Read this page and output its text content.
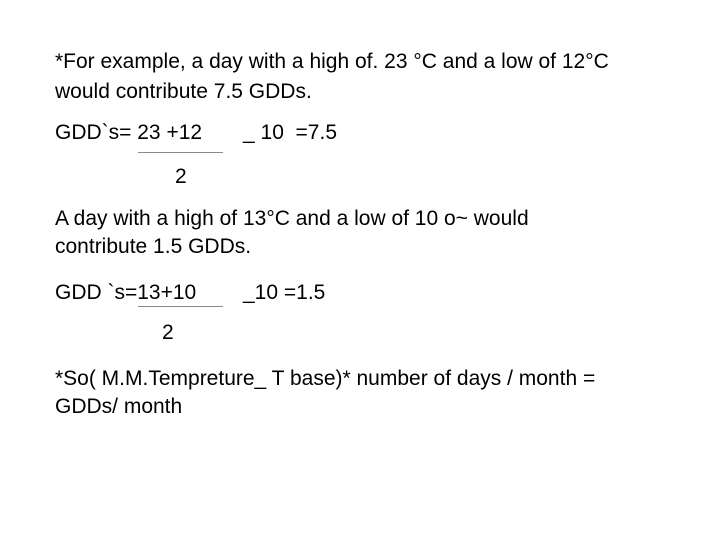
*For example, a day with a high of. 23 °C and a low of 12°C
would contribute 7.5 GDDs.
GDD`s= 23 +12 _ 10  =7.5
2
A day with a high of 13°C and a low of 10 o~ would
contribute 1.5 GDDs.
GDD `s=13+10 _10 =1.5
2
*So( M.M.Tempreture_ T base)* number of days / month =
GDDs/ month
